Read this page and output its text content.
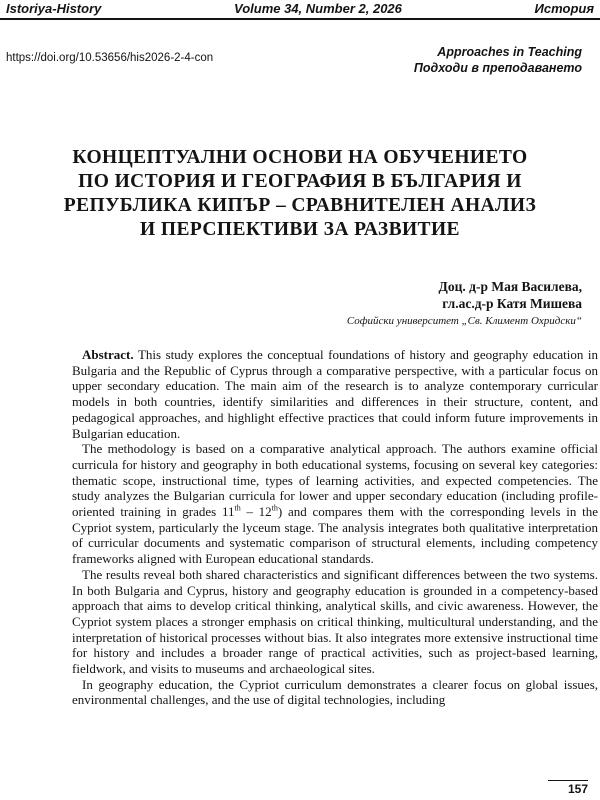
Istoriya-History	Volume 34, Number 2, 2026	История
https://doi.org/10.53656/his2026-2-4-con	Approaches in Teaching
Подходи в преподаването
КОНЦЕПТУАЛНИ ОСНОВИ НА ОБУЧЕНИЕТО
ПО ИСТОРИЯ И ГЕОГРАФИЯ В БЪЛГАРИЯ И
РЕПУБЛИКА КИПЪР – СРАВНИТЕЛЕН АНАЛИЗ
И ПЕРСПЕКТИВИ ЗА РАЗВИТИЕ
Доц. д-р Мая Василева,
гл.ас.д-р Катя Мишева
Софийски университет „Св. Климент Охридски“

Abstract. This study explores the conceptual foundations of history and geography education in Bulgaria and the Republic of Cyprus through a comparative perspective, with a particular focus on upper secondary education. The main aim of the research is to analyze contemporary curricular models in both countries, identify similarities and differences in their structure, content, and pedagogical approaches, and highlight effective practices that could inform future improvements in Bulgarian education.

The methodology is based on a comparative analytical approach. The authors examine official curricula for history and geography in both educational systems, focusing on several key categories: thematic scope, instructional time, types of learning activities, and expected competencies. The study analyzes the Bulgarian curricula for lower and upper secondary education (including profile-oriented training in grades 11th – 12th) and compares them with the corresponding levels in the Cypriot system, particularly the lyceum stage. The analysis integrates both qualitative interpretation of curricular documents and systematic comparison of structural elements, including competency frameworks aligned with European educational standards.

The results reveal both shared characteristics and significant differences between the two systems. In both Bulgaria and Cyprus, history and geography education is grounded in a competency-based approach that aims to develop critical thinking, analytical skills, and civic awareness. However, the Cypriot system places a stronger emphasis on critical thinking, multicultural understanding, and the interpretation of historical processes without bias. It also integrates more extensive instructional time for history and includes a broader range of practical activities, such as project-based learning, fieldwork, and visits to museums and archaeological sites.

In geography education, the Cypriot curriculum demonstrates a clearer focus on global issues, environmental challenges, and the use of digital technologies, including

157
